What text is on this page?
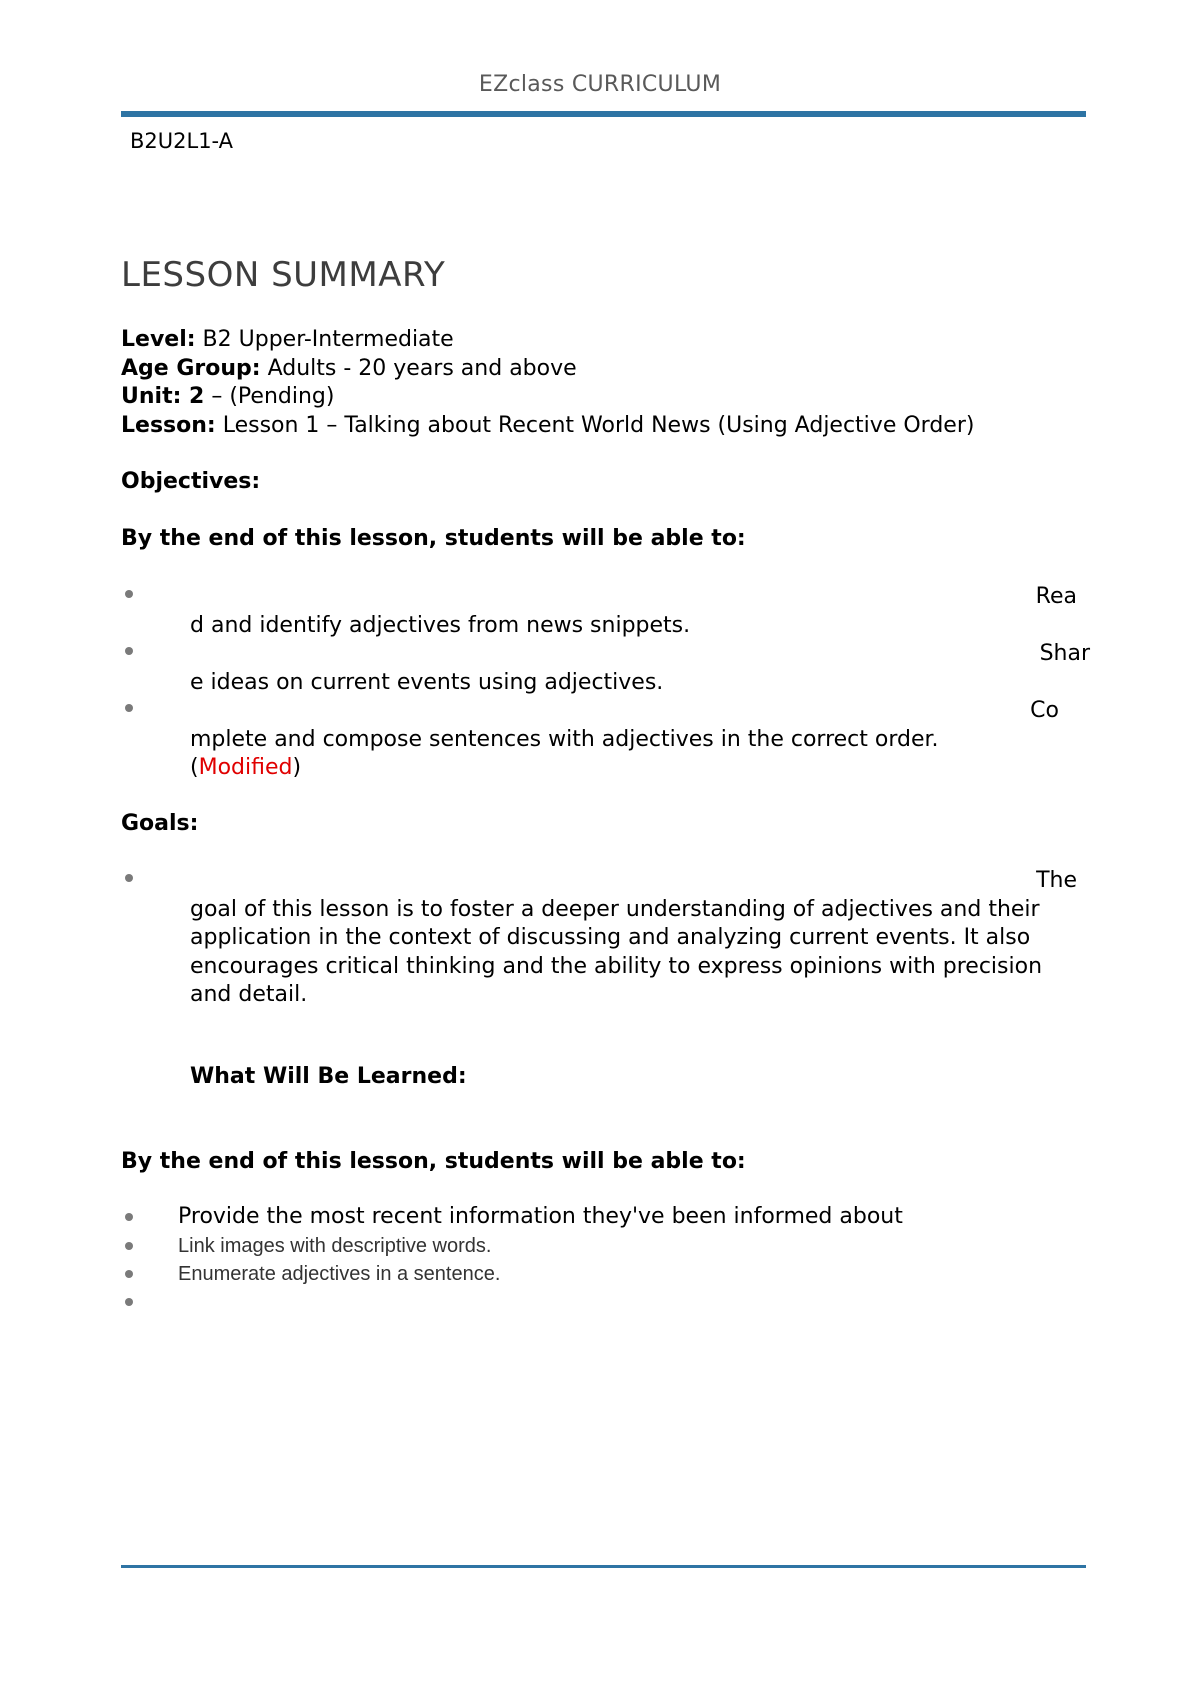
EZclass CURRICULUM
B2U2L1-A
LESSON SUMMARY
Level: B2 Upper-Intermediate
Age Group: Adults - 20 years and above
Unit: 2 – (Pending)
Lesson: Lesson 1 – Talking about Recent World News (Using Adjective Order)
Objectives:
By the end of this lesson, students will be able to:
Rea
d and identify adjectives from news snippets.
Shar
e ideas on current events using adjectives.
Co
mplete and compose sentences with adjectives in the correct order.
(Modified)
Goals:
The
goal of this lesson is to foster a deeper understanding of adjectives and their application in the context of discussing and analyzing current events. It also encourages critical thinking and the ability to express opinions with precision and detail.
What Will Be Learned:
By the end of this lesson, students will be able to:
Provide the most recent information they've been informed about
Link images with descriptive words.
Enumerate adjectives in a sentence.
